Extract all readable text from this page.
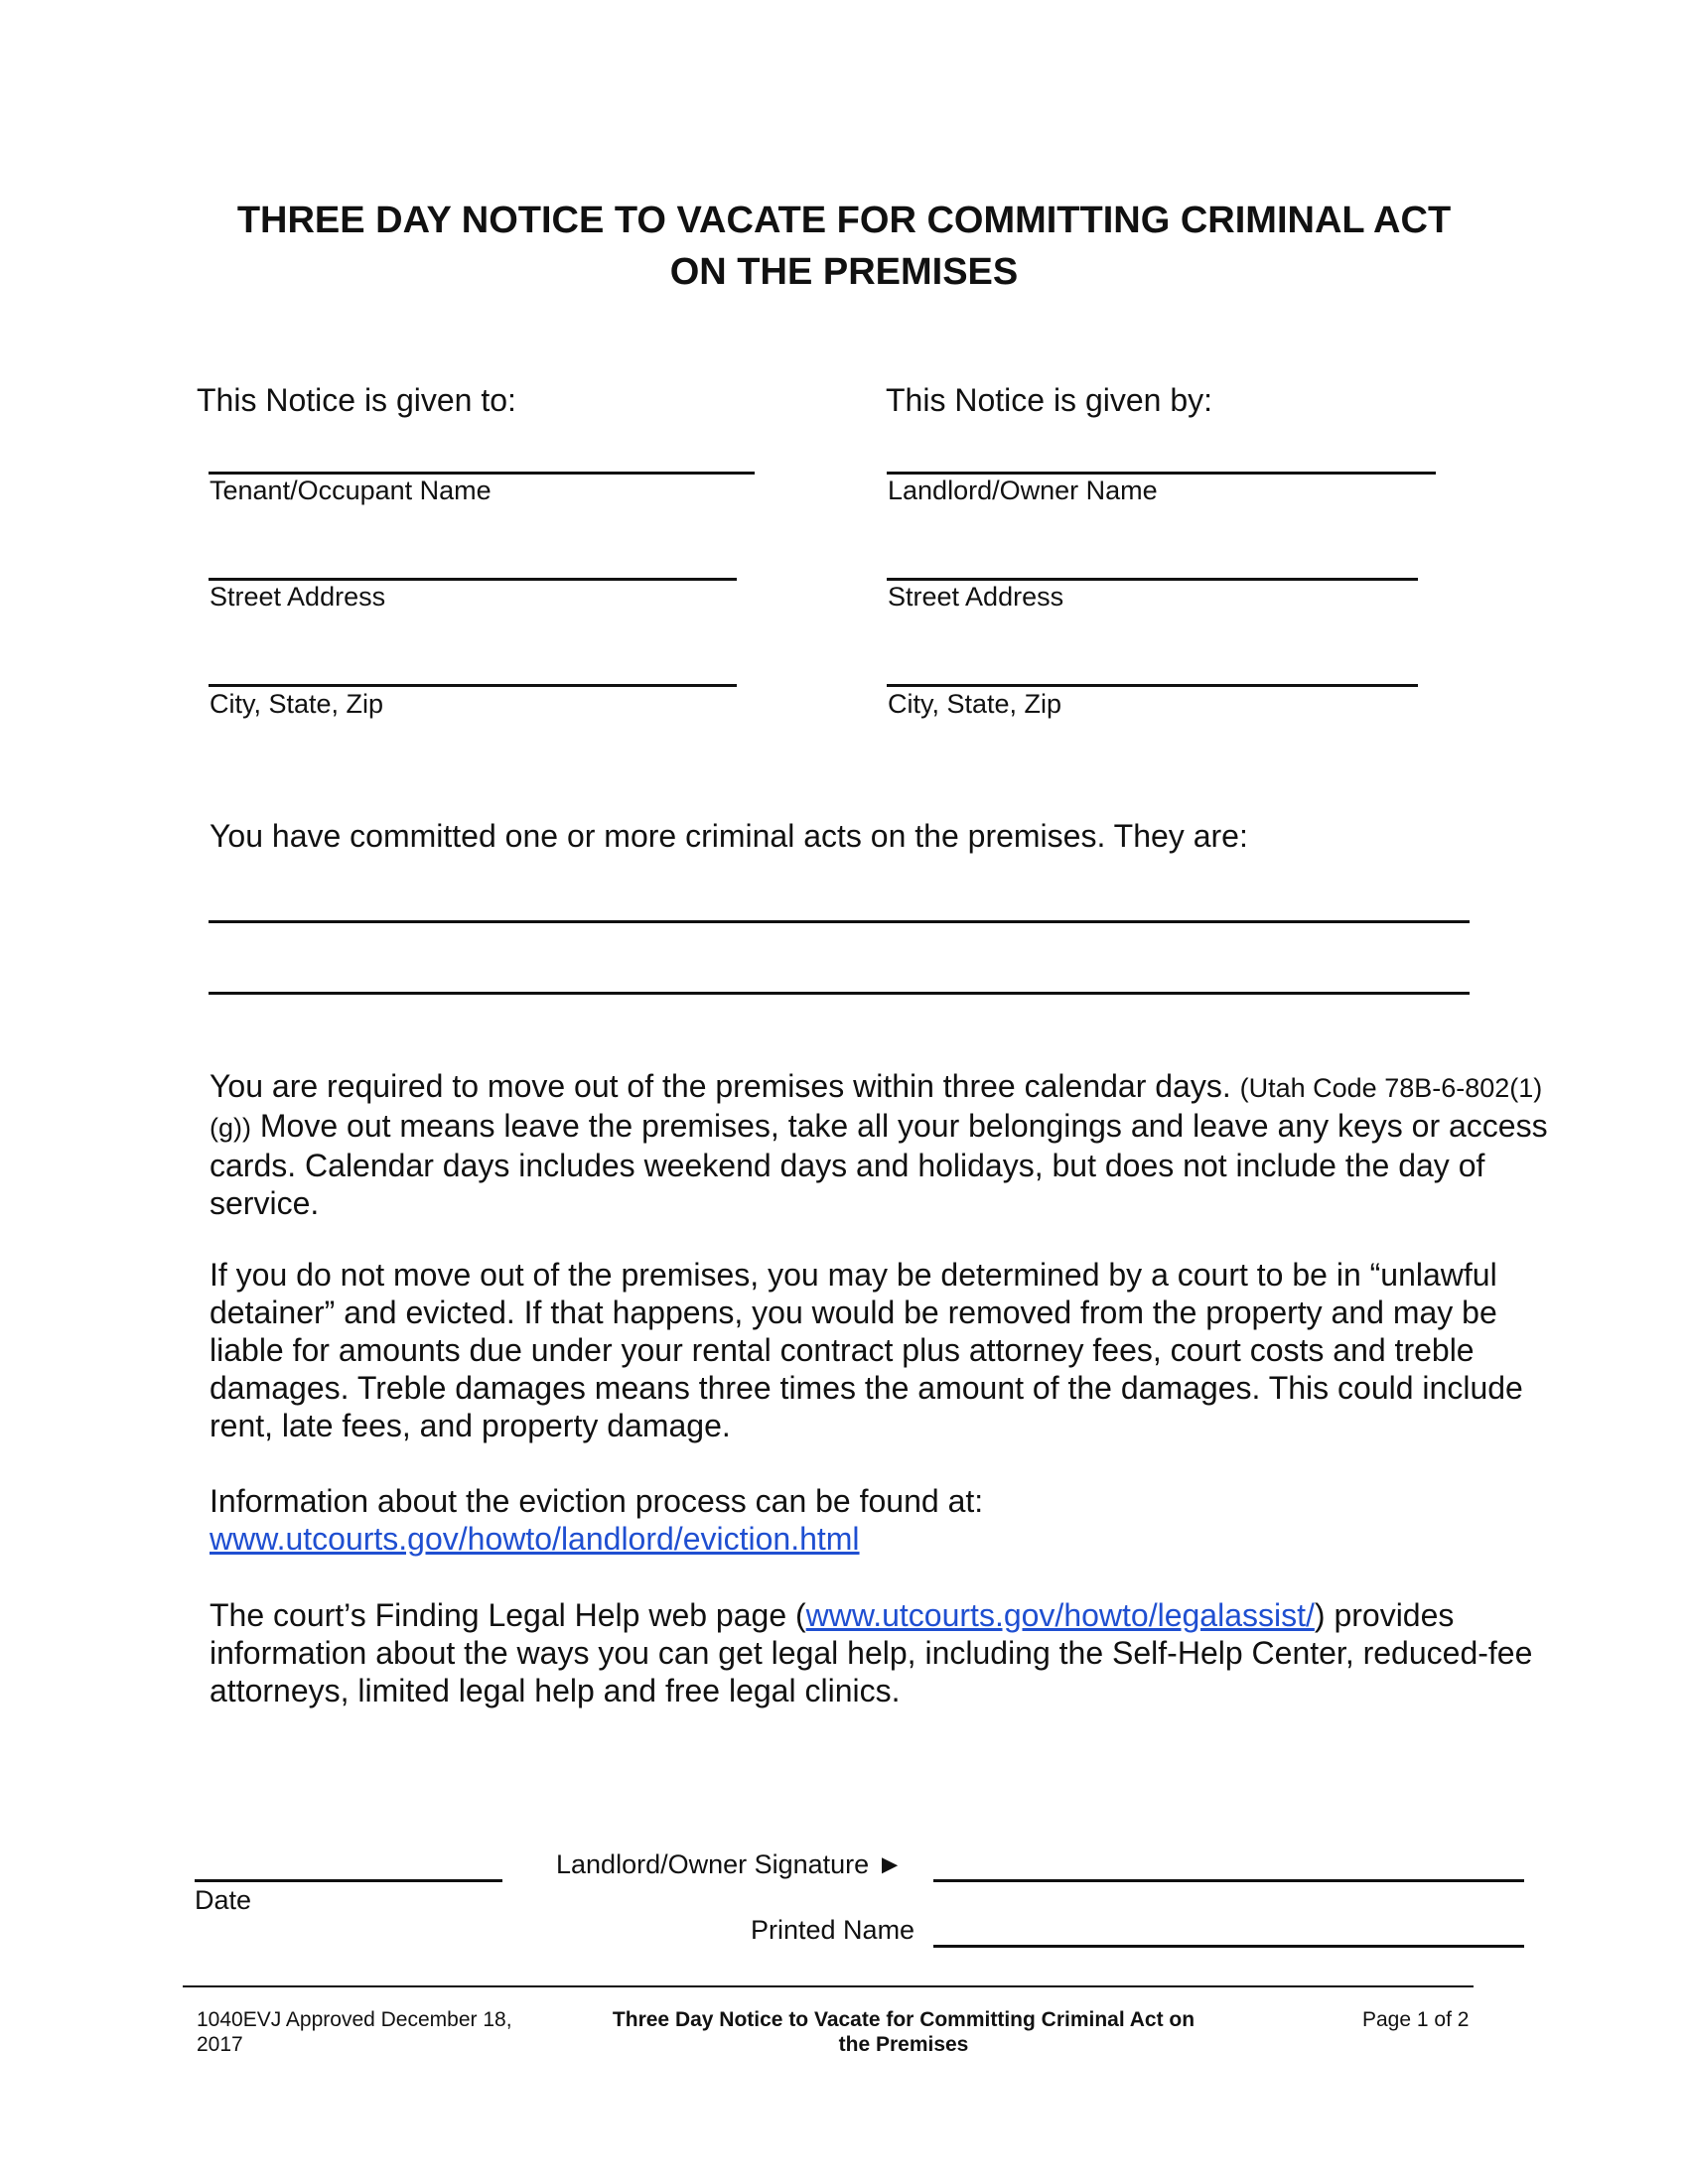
THREE DAY NOTICE TO VACATE FOR COMMITTING CRIMINAL ACT
ON THE PREMISES
This Notice is given to:
Tenant/Occupant Name
Street Address
City, State, Zip
This Notice is given by:
Landlord/Owner Name
Street Address
City, State, Zip
You have committed one or more criminal acts on the premises. They are:
You are required to move out of the premises within three calendar days. (Utah Code 78B-6-802(1)(g)) Move out means leave the premises, take all your belongings and leave any keys or access cards. Calendar days includes weekend days and holidays, but does not include the day of service.
If you do not move out of the premises, you may be determined by a court to be in “unlawful detainer” and evicted. If that happens, you would be removed from the property and may be liable for amounts due under your rental contract plus attorney fees, court costs and treble damages. Treble damages means three times the amount of the damages. This could include rent, late fees, and property damage.
Information about the eviction process can be found at:
www.utcourts.gov/howto/landlord/eviction.html
The court’s Finding Legal Help web page (www.utcourts.gov/howto/legalassist/) provides information about the ways you can get legal help, including the Self-Help Center, reduced-fee attorneys, limited legal help and free legal clinics.
Date
Landlord/Owner Signature ►
Printed Name
1040EVJ Approved December 18, 2017
Three Day Notice to Vacate for Committing Criminal Act on the Premises
Page 1 of 2
